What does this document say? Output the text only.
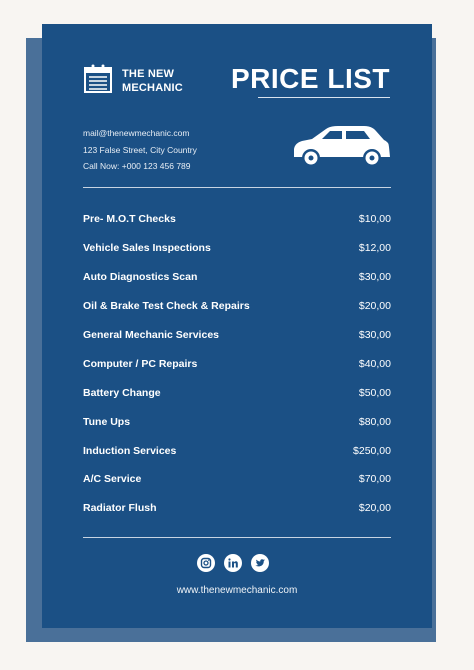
THE NEW
MECHANIC PRICE LIST
mail@thenewmechanic.com
123 False Street, City Country
Call Now: +000 123 456 789
Pre- M.O.T Checks	$10,00
Vehicle Sales Inspections	$12,00
Auto Diagnostics Scan	$30,00
Oil & Brake Test Check & Repairs	$20,00
General Mechanic Services	$30,00
Computer / PC Repairs	$40,00
Battery Change	$50,00
Tune Ups	$80,00
Induction Services	$250,00
A/C Service	$70,00
Radiator Flush	$20,00
www.thenewmechanic.com
